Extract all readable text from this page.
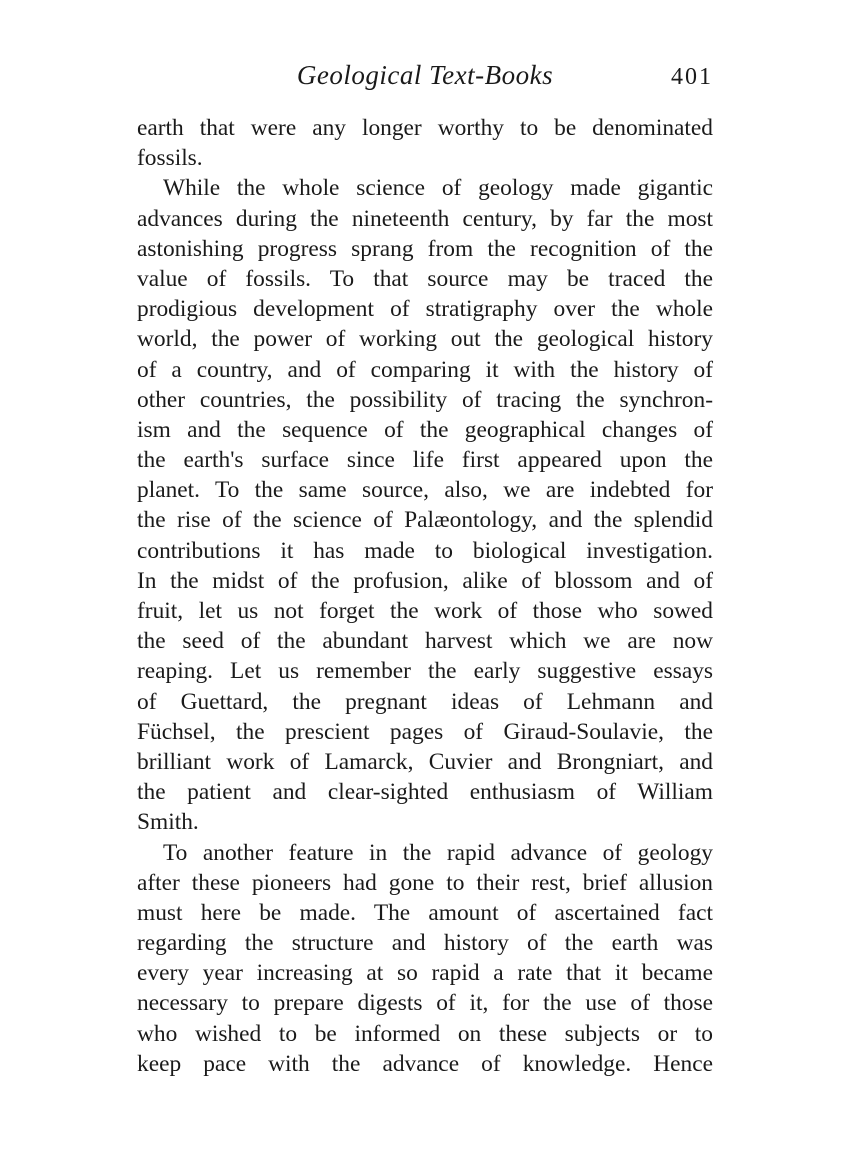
Geological Text-Books	401
earth that were any longer worthy to be denominated
fossils.
While the whole science of geology made gigantic
advances during the nineteenth century, by far the most
astonishing progress sprang from the recognition of the
value of fossils. To that source may be traced the
prodigious development of stratigraphy over the whole
world, the power of working out the geological history
of a country, and of comparing it with the history of
other countries, the possibility of tracing the synchron-
ism and the sequence of the geographical changes of
the earth's surface since life first appeared upon the
planet. To the same source, also, we are indebted for
the rise of the science of Palæontology, and the splendid
contributions it has made to biological investigation.
In the midst of the profusion, alike of blossom and of
fruit, let us not forget the work of those who sowed
the seed of the abundant harvest which we are now
reaping. Let us remember the early suggestive essays
of Guettard, the pregnant ideas of Lehmann and
Füchsel, the prescient pages of Giraud-Soulavie, the
brilliant work of Lamarck, Cuvier and Brongniart, and
the patient and clear-sighted enthusiasm of William
Smith.
To another feature in the rapid advance of geology
after these pioneers had gone to their rest, brief allusion
must here be made. The amount of ascertained fact
regarding the structure and history of the earth was
every year increasing at so rapid a rate that it became
necessary to prepare digests of it, for the use of those
who wished to be informed on these subjects or to
keep pace with the advance of knowledge. Hence
